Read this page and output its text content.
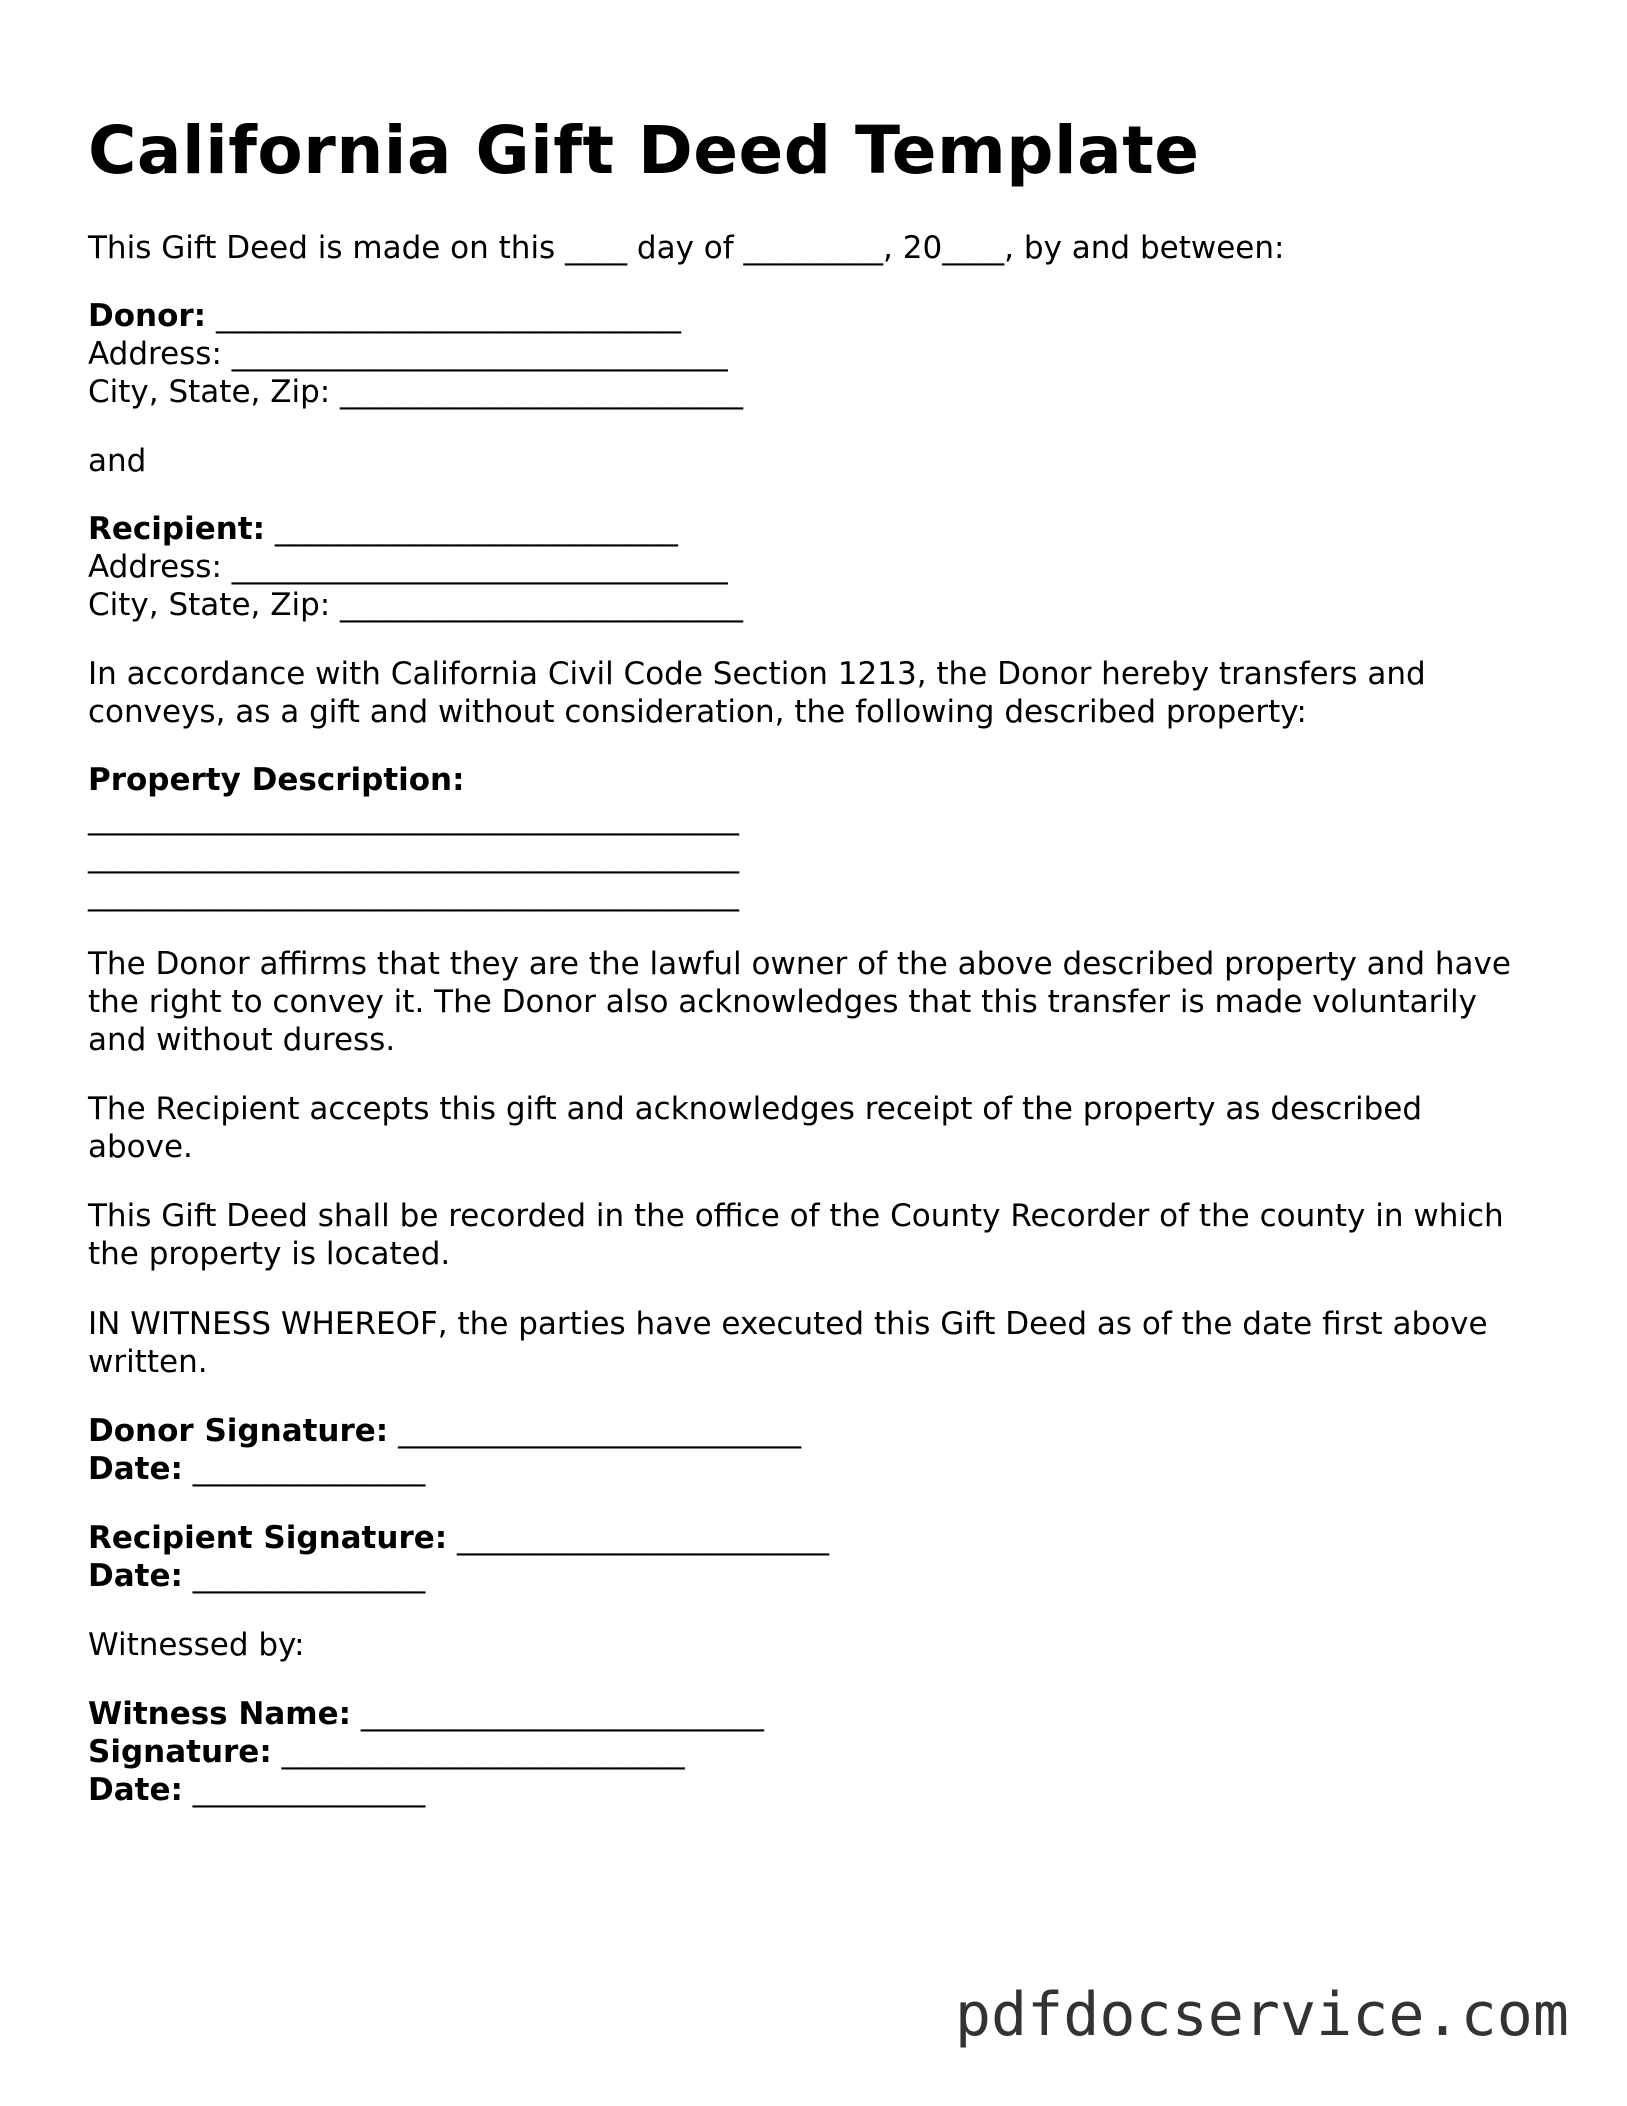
California Gift Deed Template

This Gift Deed is made on this ____ day of _________, 20____, by and between:

Donor: ______________________________

Address: ________________________________

City, State, Zip: __________________________

and

Recipient: __________________________

Address: ________________________________

City, State, Zip: __________________________

In accordance with California Civil Code Section 1213, the Donor hereby transfers and conveys, as a gift and without consideration, the following described property:

Property Description:

__________________________________________

__________________________________________

__________________________________________

The Donor affirms that they are the lawful owner of the above described property and have the right to convey it. The Donor also acknowledges that this transfer is made voluntarily and without duress.

The Recipient accepts this gift and acknowledges receipt of the property as described above.

This Gift Deed shall be recorded in the office of the County Recorder of the county in which the property is located.

IN WITNESS WHEREOF, the parties have executed this Gift Deed as of the date first above written.

Donor Signature: __________________________

Date: _______________

Recipient Signature: ________________________

Date: _______________

Witnessed by:

Witness Name: __________________________

Signature: __________________________

Date: _______________

pdfdocservice.com
